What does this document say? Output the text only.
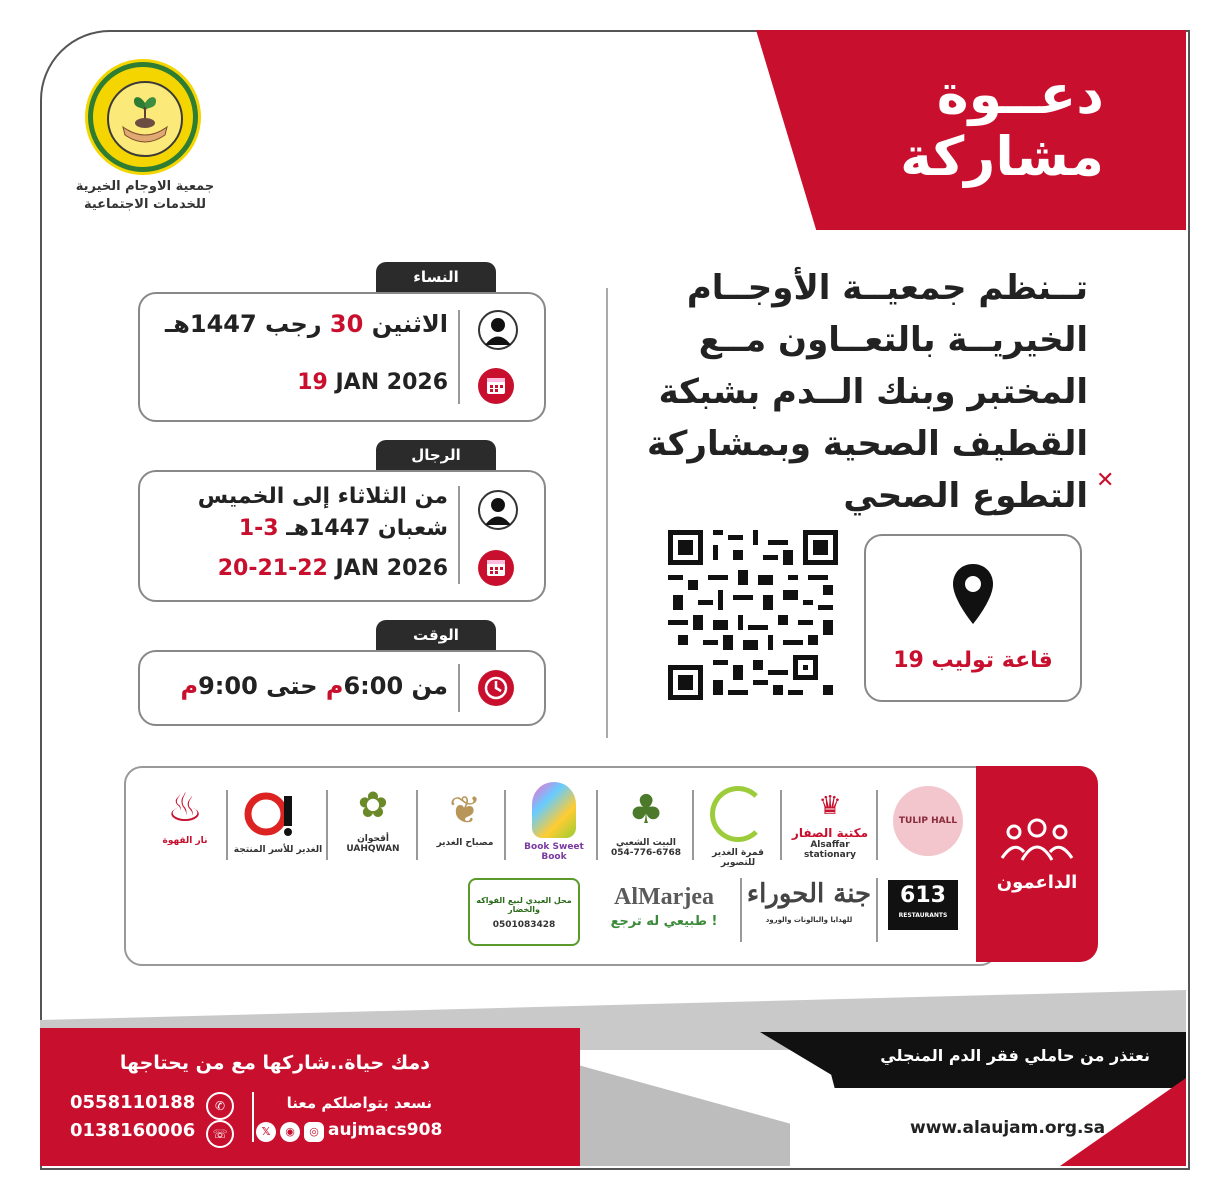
دعــوة
مشاركة
جمعية الاوجام الخيرية
للخدمات الاجتماعية
النساء
الاثنين 30 رجب 1447هـ
19 JAN 2026
الرجال
من الثلاثاء إلى الخميس
1-3 شعبان 1447هـ
20-21-22 JAN 2026
الوقت
من 6:00م حتى 9:00م
تــنظم جمعيــة الأوجــام
الخيريــة بالتعــاون مــع
المختبر وبنك الــدم بشبكة
القطيف الصحية وبمشاركة
التطوع الصحي ✕
قاعة توليب 19
الداعمون
TULIP HALL
♛
مكتبة الصفار
Alsaffar stationary
قمرة الغدير للتصوير
♣
البيت الشعبي
054-776-6768
Book Sweet Book
❦
مصباح الغدير
✿
أقحوان
UAHQWAN
الغدير للأسر المنتجة
♨
نار القهوة
613
RESTAURANTS
جنة الحوراء
للهدايا والبالونات والورود
AlMarjea
طبيعي له ترجع !
محل العيدي لبيع الفواكه والخضار
0501083428
دمك حياة..شاركها مع من يحتاجها
نسعد بتواصلكم معنا
0558110188	✆
0138160006	☏	𝕏	◉	◎ aujmacs908
نعتذر من حاملي فقر الدم المنجلي
www.alaujam.org.sa
